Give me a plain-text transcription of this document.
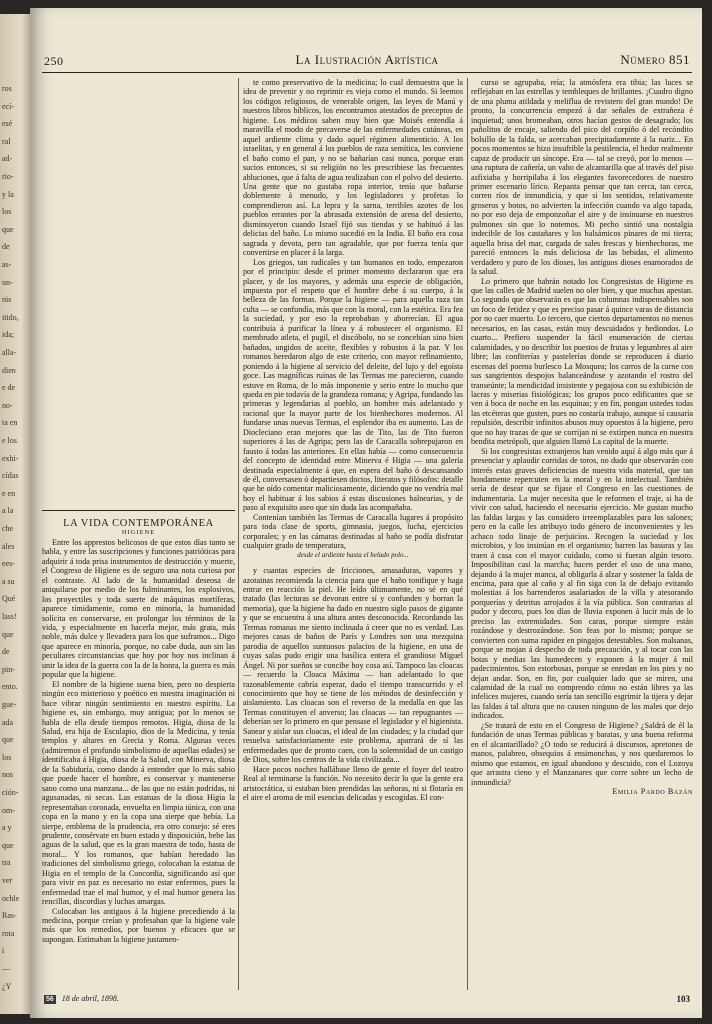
ros
ecí-
esé
ral
ad-
rio-
y la
los
que
de
as-
un-
nis
itido,
ida;
alla-
dien
e de
no-
ta en
e los
exhi-
cídas
e en
a la
che
ales
ees-
a su
Qué
lass!
que
de
pin-
ento.
gue-
ada
que
los
nos
ción-
om-
a y
que
tra
ver
ochle
Ras-
rota
i
—
¿Y
250	La Ilustración Artística	Número 851

LA VIDA CONTEMPORÁNEA

HIGIENE

Entre los apprestos belicosos de que estos días tanto se habla, y entre las suscripciones y funciones patrióticas para adquirir á toda prisa instrumentos de destrucción y muerte, el Congreso de Higiene es de seguro una nota curiosa por el contraste. Al lado de la humanidad deseosa de aniquilarse por medio de los fulminantes, los explosivos, los proyectiles y toda suerte de máquinas mortíferas, aparece tímidamente, como en minoría, la humanidad solícita en conservarse, en prolongar los términos de la vida, y especialmente en hacerla mejor, más grata, más noble, más dulce y llevadera para los que suframos... Digo que aparece en minoría, porque, no cabe duda, aun sin las peculiares circunstancias que hoy por hoy nos inclinan á unir la idea de la guerra con la de la honra, la guerra es más popular que la higiene.

El nombre de la higiene suena bien, pero no despierta ningún eco misterioso y poético en nuestra imaginación ni hace vibrar ningún sentimiento en nuestro espíritu. La higiene es, sin embargo, muy antigua; por lo menos se habla de ella desde tiempos remotos. Higia, diosa de la Salud, era hija de Esculapio, dios de la Medicina, y tenía templos y altares en Grecia y Roma. Algunas veces (admiremos el profundo simbolismo de aquellas edades) se identificaba á Higia, diosa de la Salud, con Minerva, diosa de la Sabiduría, como dando á entender que lo más sabio que puede hacer el hombre, es conservar y mantenerse sano como una manzana... de las que no están podridas, ni agusanadas, ni secas. Las estatuas de la diosa Higia la representaban coronada, envuelta en limpia túnica, con una copa en la mano y en la copa una sierpe que bebía. La sierpe, emblema de la prudencia, era otro consejo: sé eres prudente, consérvate en buen estado y disposición, bebe las aguas de la salud, que es la gran maestra de todo, hasta de moral... Y los romanos, que habían heredado las tradiciones del simbolismo griego, colocaban la estatua de Higia en el templo de la Concordia, significando así que para vivir en paz es necesario no estar enfermos, pues la enfermedad trae el mal humor, y el mal humor genera las rencillas, discordias y luchas amargas.

Colocaban los antiguos á la higiene precediendo á la medicina, porque creían y profesaban que la higiene vale más que los remedios, por buenos y eficaces que se supongan. Estimaban la higiene justamen-

te como preservativo de la medicina; lo cual demuestra que la idea de prevenir y no reprimir es vieja como el mundo. Si leemos los códigos religiosos, de venerable origen, las leyes de Manú y nuestros libros bíblicos, los encontramos atestados de preceptos de higiene. Los médicos saben muy bien que Moisés entendía á maravilla el modo de precaverse de las enfermedades cutáneas, en aquel ardiente clima y dado aquel régimen alimenticio. A los israelitas, y en general á los pueblos de raza semítica, les conviene el baño como el pan, y no se bañarían casi nunca, porque eran sucios entonces, si su religión no les prescribiese las frecuentes abluciones, que á falta de agua realizaban con el polvo del desierto. Una gente que no gustaba ropa interior, tenía que bañarse doblemente á menudo, y los legisladores y profetas lo comprendieron así. La lepra y la sarna, terribles azotes de los pueblos errantes por la abrasada extensión de arena del desierto, disminuyeron cuando Israel fijó sus tiendas y se habituó á las delicias del baño. Lo mismo sucedió en la India. El baño era cosa sagrada y devota, pero tan agradable, que por fuerza tenía que convertirse en placer á la larga.

Los griegos, tan radicales y tan humanos en todo, empezaron por el principio: desde el primer momento declararon que era placer, y de los mayores, y además una especie de obligación, impuesta por el respeto que el hombre debe á su cuerpo, á la belleza de las formas. Porque la higiene — para aquella raza tan culta — se confundía, más que con la moral, con la estética. Era fea la suciedad, y por eso la reprobaban y aborrecían. El agua contribuía á purificar la línea y á robustecer el organismo. El membrudo atleta, el pugil, el discóbolo, no se concebían sino bien bañados, ungidos de aceite, flexibles y robustos á la par. Y los romanos heredaron algo de este criterio, con mayor refinamiento, poniendo á la higiene al servicio del deleite, del lujo y del egoísta goce. Las magníficas ruinas de las Termas me parecieron, cuando estuve en Roma, de lo más imponente y serio entre lo mucho que queda en pie todavía de la grandeza romana; y Agripa, fundando las primeras y legendarias al pueblo, un hombre más adelantado y racional que la mayor parte de los bienhechores modernos. Al fundarse unas nuevas Termas, el esplendor iba en aumento. Las de Diocleciano eran mejores que las de Tito, las de Tito fueron superiores á las de Agripa; pero las de Caracalla sobrepujaron en fausto á todas las anteriores. En ellas había — como consecuencia del concepto de identidad entre Minerva é Higia — una galería destinada especialmente á que, en espera del baño ó descansando de él, conversasen ó departiesen doctos, literatos y filósofos: detalle que he oído comentar maliciosamente, diciendo que no vendría mal hoy el habituar á los sabios á estas discusiones balnearias, y de paso al exquisito aseo que sin duda las acompañaba.

Contenían también las Termas de Caracalla lugares á propósito para toda clase de sports, gimnasia, juegos, lucha, ejercicios corporales; y en las cámaras destinadas al baño se podía disfrutar cualquier grado de temperatura,

desde el ardiente hasta el helado polo...

y cuantas especies de fricciones, amasaduras, vapores y azotainas recomienda la ciencia para que el baño tonifique y haga entrar en reacción la piel. He leído últimamente, no sé en qué tratado (las lecturas se devoran entre sí y confunden y borran la memoria), que la higiene ha dado en nuestro siglo pasos de gigante y que se encuentra á una altura antes desconocida. Recordando las Termas romanas me siento inclinada á creer que no es verdad. Las mejores casas de baños de París y Londres son una mezquina parodia de aquellos suntuosos palacios de la higiene, en una de cuyas salas pudo erigir una basílica entera el grandioso Miguel Ángel. Ni por sueños se concibe hoy cosa así. Tampoco las cloacas — recuerdo la Cloaca Máxima — han adelantado lo que razonablemente cabría esperar, dado el tiempo transcurrido y el conocimiento que hoy se tiene de los métodos de desinfección y aislamiento. Las cloacas son el reverso de la medalla en que las Termas constituyen el anverso; las cloacas — tan repugnantes — deberían ser lo primero en que pensase el legislador y el higienista. Sanear y aislar sus cloacas, el ideal de las ciudades; y la ciudad que resuelva satisfactoriamente este problema, aparrará de sí las enfermedades que de pronto caen, con la solemnidad de un castigo de Dios, sobre los centros de la vida civilizada...

Hace pocos noches hallábase lleno de gente el foyer del teatro Real al terminarse la función. No necesito decir lo que la gente era aristocrática, si estaban bien prendidas las señoras, ni si flotaría en el aire el aroma de mil esencias delicadas y escogidas. El con-

curso se agrupaba, reía; la atmósfera era tibia; las luces se reflejaban en las estrellas y tembleques de brillantes. ¡Cuadro digno de una pluma atildada y meliflua de revistero del gran mundo! De pronto, la concurrencia empezó á dar señales de extrañeza é inquietud; unos bromeaban, otros hacían gestos de desagrado; los pañolitos de encaje, saliendo del pico del corpiño ó del recóndito bolsillo de la falda, se acercaban precipitadamente á la nariz... En pocos momentos se hizo insufrible la pestilencia, el hedor realmente capaz de producir un síncope. Era — tal se creyó, por lo menos — una ruptura de cañería, un vaho de alcantarilla que al través del piso asfixiaba y horripilaba á los elegantes favorecedores de nuestro primer escenario lírico. Repanta pensar que tan cerca, tan cerca, corren ríos de inmundicia, y que si los sentidos, relativamente groseros y botos, no advierten la infección cuando va algo tapada, no por eso deja de emponzoñar el aire y de insinuarse en nuestros pulmones sin que lo notemos. Mi pecho sintió una nostalgia indecible de los castañares y los balsámicos pinares de mi tierra; aquella brisa del mar, cargada de sales frescas y bienhechoras, me pareció entonces la más deliciosa de las bebidas, el alimento verdadero y puro de los dioses, los antiguos dioses enamorados de la salud.

Lo primero que habrán notado los Congresistas de Higiene es que las calles de Madrid suelen no oler bien, y que muchas apestan. Lo segundo que observarán es que las columnas indispensables son un foco de fetidez y que es preciso pasar á quince varas de distancia por no caer muerto. Lo tercero, que ciertos departamentos no menos necesarios, en las casas, están muy descuidados y hediondos. Lo cuarto... Prefiero suspender la fácil enumeración de ciertas calamidades, y no describir los puestos de frutas y legumbres al aire libre; las confiterías y pastelerías donde se reproducen á diario escenas del poema burlesco La Mosquea; los carros de la carne con sus sangrientos despojos balanceándose y azotando el rostro del transeúnte; la mendicidad insistente y pegajosa con su exhibición de lacras y miserias fisiológicas; los grupos poco edificantes que se ven á boca de noche en las esquinas; y en fin, pongan ustedes todas las etcéteras que gusten, pues no costaría trabajo, aunque sí causaría repulsión, describir infinitos abusos muy opuestos á la higiene, pero que no hay trazas de que se corrijan ni se extirpen nunca en nuestra bendita metrópoli, que alguien llamó La capital de la muerte.

Si los congresistas extranjeros han venido aquí á algo más que á presenciar y aplaudir corridas de toros, no dudo que observarán con interés estas graves deficiencias de nuestra vida material, que tan hondamente repercuten en la moral y en la intelectual. También sería de desear que se fijase el Congreso en las cuestiones de indumentaria. La mujer necesita que le reformen el traje, si ha de vivir con salud, haciendo el necesario ejercicio. Me gustan mucho las faldas largas y las considero irreemplazables para los salones; pero en la calle les atribuyo todo género de inconvenientes y les achaco todo linaje de perjuicios. Recogen la suciedad y los microbios, y los insinúan en el organismo; barren las basuras y las traen á casa con el mayor cuidado, como si fueran algún tesoro. Imposibilitan casi la marcha; hacen perder el uso de una mano, dejando á la mujer manca, al obligarla á alzar y sostener la falda de encima, para que al caño y al fin siga con la de debajo evitando molestias á los barrenderos asalariados de la villa y atesorando porquerías y detritus arrojados á la vía pública. Son contrarias al pudor y decoro, pues los días de lluvia exponen á lucir más de lo preciso las extremidades. Son caras, porque siempre están rozándose y destrozándose. Son feas por lo mismo; porque se convierten con suma rapidez en pingajos detestables. Son malsanas, porque se mojan á despecho de toda precaución, y al tocar con las botas y medias las humedecen y exponen á la mujer á mil padecimientos. Son estorbosas, porque se enredan en los pies y no dejan andar. Son, en fin, por cualquier lado que se miren, una calamidad de la cual no comprendo cómo no están libres ya las infelices mujeres, cuando sería tan sencillo esgrimir la tijera y dejar las faldas á tal altura que no causen ninguno de los males que dejo indicados.

¿Se tratará de esto en el Congreso de Higiene? ¿Saldrá de él la fundación de unas Termas públicas y baratas, y una buena reforma en el alcantarillado? ¿O todo se reducirá á discursos, apretones de manos, palabreo, obsequios á ensimonchas, y nos quedaremos lo mismo que estamos, en igual abandono y descuido, con el Lozoya que arrastra cieno y el Manzanares que corre sobre un lecho de inmundicia?

Emilia Pardo Bazán

56 18 de abril, 1898.	103
